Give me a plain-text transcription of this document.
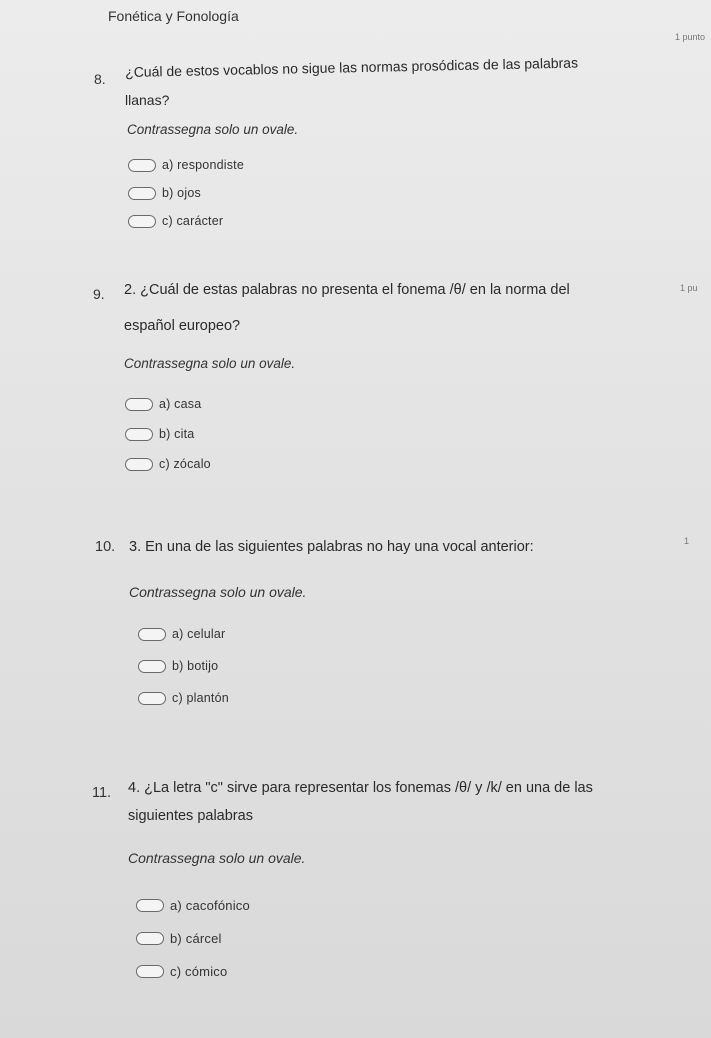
Fonética y Fonología
8. ¿Cuál de estos vocablos no sigue las normas prosódicas de las palabras
llanas?
1 punto
Contrassegna solo un ovale.
a) respondiste
b) ojos
c) carácter
9. 2. ¿Cuál de estas palabras no presenta el fonema /θ/ en la norma del
español europeo?
1 pu
Contrassegna solo un ovale.
a) casa
b) cita
c) zócalo
10. 3. En una de las siguientes palabras no hay una vocal anterior:	1
Contrassegna solo un ovale.
a) celular
b) botijo
c) plantón
11. 4. ¿La letra "c" sirve para representar los fonemas /θ/ y /k/ en una de las
siguientes palabras
Contrassegna solo un ovale.
a) cacofónico
b) cárcel
c) cómico
